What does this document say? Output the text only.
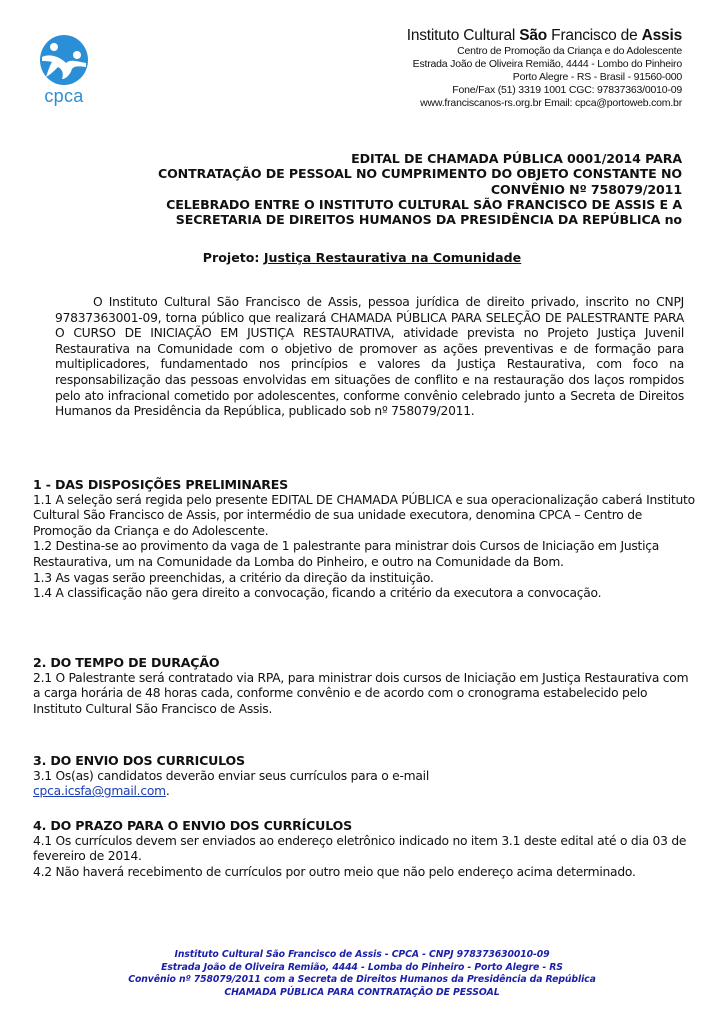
cpca
Instituto Cultural São Francisco de Assis
Centro de Promoção da Criança e do Adolescente
Estrada João de Oliveira Remião, 4444 - Lombo do Pinheiro
Porto Alegre - RS - Brasil - 91560-000
Fone/Fax (51) 3319 1001 CGC: 97837363/0010-09
www.franciscanos-rs.org.br Email: cpca@portoweb.com.br
EDITAL DE CHAMADA PÚBLICA 0001/2014 PARA
CONTRATAÇÃO DE PESSOAL NO CUMPRIMENTO DO OBJETO CONSTANTE NO
CONVÊNIO Nº 758079/2011
CELEBRADO ENTRE O INSTITUTO CULTURAL SÃO FRANCISCO DE ASSIS E A
SECRETARIA DE DIREITOS HUMANOS DA PRESIDÊNCIA DA REPÚBLICA no
Projeto: Justiça Restaurativa na Comunidade

O Instituto Cultural São Francisco de Assis, pessoa jurídica de direito privado, inscrito no CNPJ 97837363001-09, torna público que realizará CHAMADA PÚBLICA PARA SELEÇÃO DE PALESTRANTE PARA O CURSO DE INICIAÇÃO EM JUSTIÇA RESTAURATIVA, atividade prevista no Projeto Justiça Juvenil Restaurativa na Comunidade com o objetivo de promover as ações preventivas e de formação para multiplicadores, fundamentado nos princípios e valores da Justiça Restaurativa, com foco na responsabilização das pessoas envolvidas em situações de conflito e na restauração dos laços rompidos pelo ato infracional cometido por adolescentes, conforme convênio celebrado junto a Secreta de Direitos Humanos da Presidência da República, publicado sob nº 758079/2011.

1 - DAS DISPOSIÇÕES PRELIMINARES

1.1 A seleção será regida pelo presente EDITAL DE CHAMADA PÚBLICA e sua operacionalização caberá Instituto Cultural São Francisco de Assis, por intermédio de sua unidade executora, denomina CPCA – Centro de Promoção da Criança e do Adolescente.

1.2 Destina-se ao provimento da vaga de 1 palestrante para ministrar dois Cursos de Iniciação em Justiça Restaurativa, um na Comunidade da Lomba do Pinheiro, e outro na Comunidade da Bom.

1.3 As vagas serão preenchidas, a critério da direção da instituição.

1.4 A classificação não gera direito a convocação, ficando a critério da executora a convocação.

2. DO TEMPO DE DURAÇÃO

2.1 O Palestrante será contratado via RPA, para ministrar dois cursos de Iniciação em Justiça Restaurativa com a carga horária de 48 horas cada, conforme convênio e de acordo com o cronograma estabelecido pelo Instituto Cultural São Francisco de Assis.

3. DO ENVIO DOS CURRICULOS

3.1 Os(as) candidatos deverão enviar seus currículos para o e-mail

cpca.icsfa@gmail.com.

4. DO PRAZO PARA O ENVIO DOS CURRÍCULOS

4.1 Os currículos devem ser enviados ao endereço eletrônico indicado no item 3.1 deste edital até o dia 03 de fevereiro de 2014.

4.2 Não haverá recebimento de currículos por outro meio que não pelo endereço acima determinado.

Instituto Cultural São Francisco de Assis - CPCA - CNPJ 978373630010-09
Estrada João de Oliveira Remião, 4444 - Lomba do Pinheiro - Porto Alegre - RS
Convênio nº 758079/2011 com a Secreta de Direitos Humanos da Presidência da República
CHAMADA PÚBLICA PARA CONTRATAÇÃO DE PESSOAL
